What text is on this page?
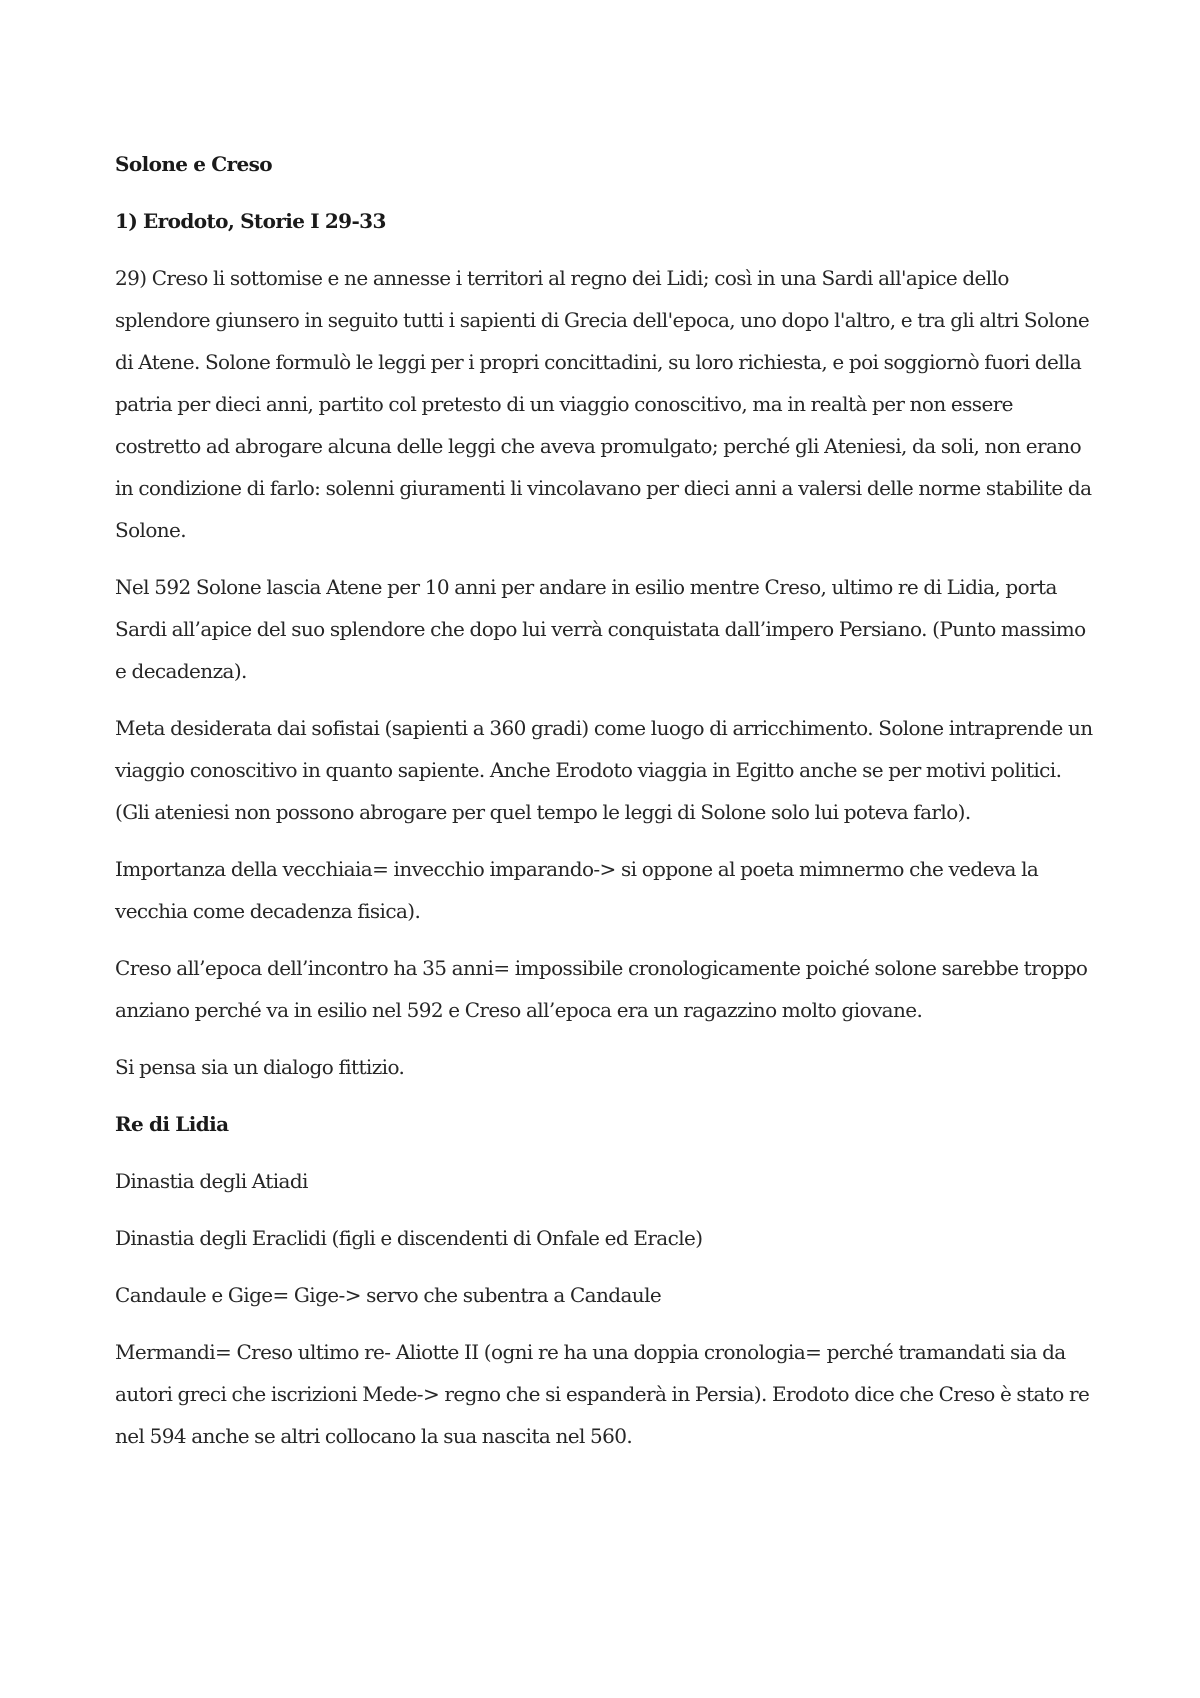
Solone e Creso
1) Erodoto, Storie I 29-33

29) Creso li sottomise e ne annesse i territori al regno dei Lidi; così in una Sardi all'apice dello splendore giunsero in seguito tutti i sapienti di Grecia dell'epoca, uno dopo l'altro, e tra gli altri Solone di Atene. Solone formulò le leggi per i propri concittadini, su loro richiesta, e poi soggiornò fuori della patria per dieci anni, partito col pretesto di un viaggio conoscitivo, ma in realtà per non essere costretto ad abrogare alcuna delle leggi che aveva promulgato; perché gli Ateniesi, da soli, non erano in condizione di farlo: solenni giuramenti li vincolavano per dieci anni a valersi delle norme stabilite da Solone.

Nel 592 Solone lascia Atene per 10 anni per andare in esilio mentre Creso, ultimo re di Lidia, porta Sardi all’apice del suo splendore che dopo lui verrà conquistata dall’impero Persiano. (Punto massimo e decadenza).

Meta desiderata dai sofistai (sapienti a 360 gradi) come luogo di arricchimento. Solone intraprende un viaggio conoscitivo in quanto sapiente. Anche Erodoto viaggia in Egitto anche se per motivi politici. (Gli ateniesi non possono abrogare per quel tempo le leggi di Solone solo lui poteva farlo).

Importanza della vecchiaia= invecchio imparando-> si oppone al poeta mimnermo che vedeva la vecchia come decadenza fisica).

Creso all’epoca dell’incontro ha 35 anni= impossibile cronologicamente poiché solone sarebbe troppo anziano perché va in esilio nel 592 e Creso all’epoca era un ragazzino molto giovane.

Si pensa sia un dialogo fittizio.

Re di Lidia

Dinastia degli Atiadi

Dinastia degli Eraclidi (figli e discendenti di Onfale ed Eracle)

Candaule e Gige= Gige-> servo che subentra a Candaule

Mermandi= Creso ultimo re- Aliotte II (ogni re ha una doppia cronologia= perché tramandati sia da autori greci che iscrizioni Mede-> regno che si espanderà in Persia). Erodoto dice che Creso è stato re nel 594 anche se altri collocano la sua nascita nel 560.
